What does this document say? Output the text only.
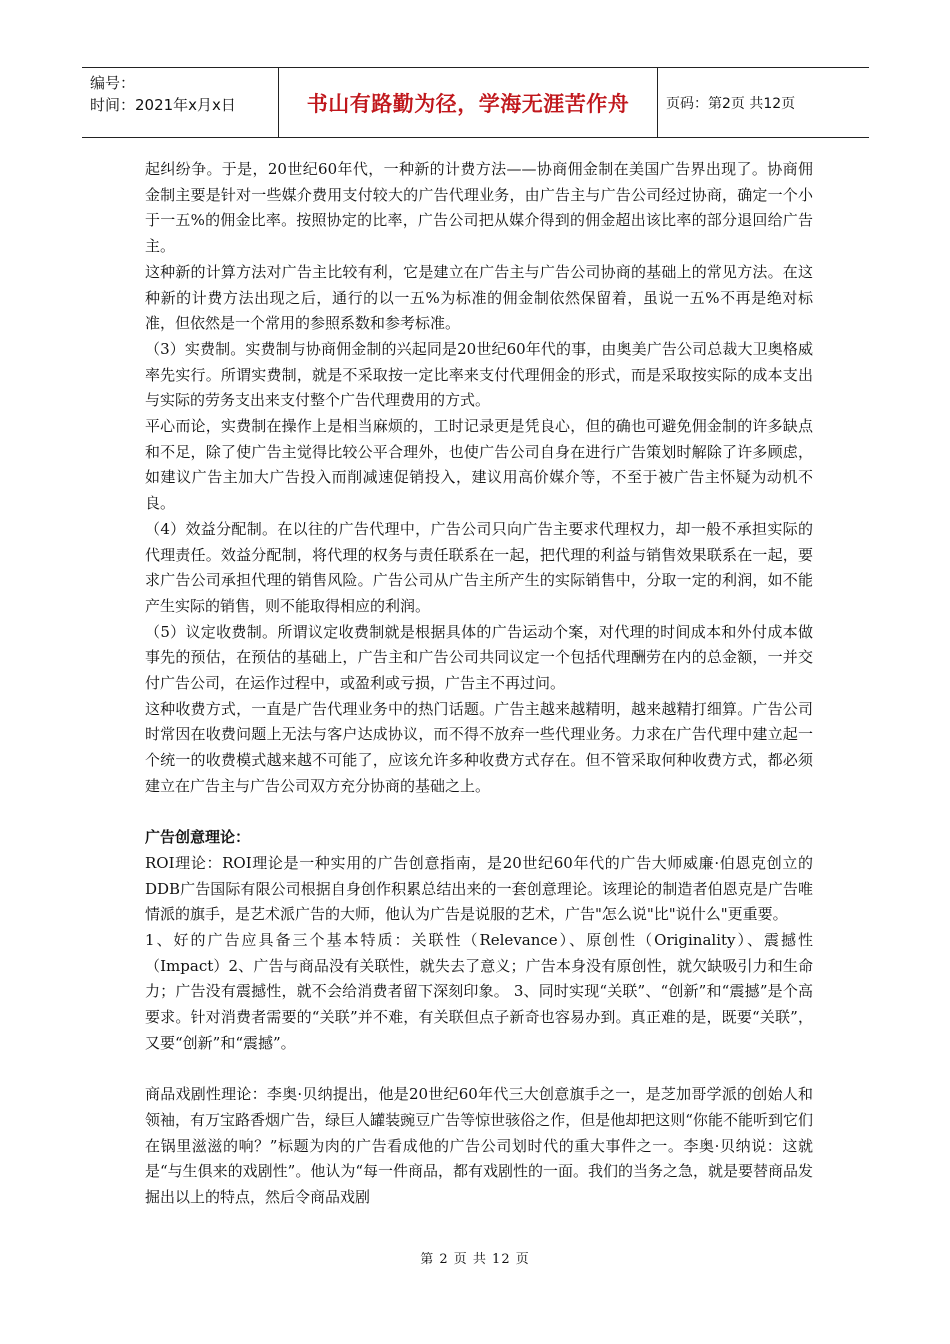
编号：
时间：2021年x月x日	书山有路勤为径，学海无涯苦作舟	页码：第2页 共12页

起纠纷争。于是，20世纪60年代，一种新的计费方法——协商佣金制在美国广告界出现了。协商佣金制主要是针对一些媒介费用支付较大的广告代理业务，由广告主与广告公司经过协商，确定一个小于一五%的佣金比率。按照协定的比率，广告公司把从媒介得到的佣金超出该比率的部分退回给广告主。

这种新的计算方法对广告主比较有利，它是建立在广告主与广告公司协商的基础上的常见方法。在这种新的计费方法出现之后，通行的以一五%为标准的佣金制依然保留着，虽说一五%不再是绝对标准，但依然是一个常用的参照系数和参考标准。

（3）实费制。实费制与协商佣金制的兴起同是20世纪60年代的事，由奥美广告公司总裁大卫奥格威率先实行。所谓实费制，就是不采取按一定比率来支付代理佣金的形式，而是采取按实际的成本支出与实际的劳务支出来支付整个广告代理费用的方式。

平心而论，实费制在操作上是相当麻烦的，工时记录更是凭良心，但的确也可避免佣金制的许多缺点和不足，除了使广告主觉得比较公平合理外，也使广告公司自身在进行广告策划时解除了许多顾虑，如建议广告主加大广告投入而削减速促销投入，建议用高价媒介等，不至于被广告主怀疑为动机不良。

（4）效益分配制。在以往的广告代理中，广告公司只向广告主要求代理权力，却一般不承担实际的代理责任。效益分配制，将代理的权务与责任联系在一起，把代理的利益与销售效果联系在一起，要求广告公司承担代理的销售风险。广告公司从广告主所产生的实际销售中，分取一定的利润，如不能产生实际的销售，则不能取得相应的利润。

（5）议定收费制。所谓议定收费制就是根据具体的广告运动个案，对代理的时间成本和外付成本做事先的预估，在预估的基础上，广告主和广告公司共同议定一个包括代理酬劳在内的总金额，一并交付广告公司，在运作过程中，或盈利或亏损，广告主不再过问。

这种收费方式，一直是广告代理业务中的热门话题。广告主越来越精明，越来越精打细算。广告公司时常因在收费问题上无法与客户达成协议，而不得不放弃一些代理业务。力求在广告代理中建立起一个统一的收费模式越来越不可能了，应该允许多种收费方式存在。但不管采取何种收费方式，都必须建立在广告主与广告公司双方充分协商的基础之上。

广告创意理论：

ROI理论：ROI理论是一种实用的广告创意指南，是20世纪60年代的广告大师威廉·伯恩克创立的DDB广告国际有限公司根据自身创作积累总结出来的一套创意理论。该理论的制造者伯恩克是广告唯情派的旗手，是艺术派广告的大师，他认为广告是说服的艺术，广告"怎么说"比"说什么"更重要。

1、好的广告应具备三个基本特质：关联性（Relevance）、原创性（Originality）、震撼性（Impact）2、广告与商品没有关联性，就失去了意义；广告本身没有原创性，就欠缺吸引力和生命力；广告没有震撼性，就不会给消费者留下深刻印象。 3、同时实现“关联”、“创新”和“震撼”是个高要求。针对消费者需要的“关联”并不难，有关联但点子新奇也容易办到。真正难的是，既要“关联”，又要“创新”和“震撼”。

商品戏剧性理论：李奥·贝纳提出，他是20世纪60年代三大创意旗手之一，是芝加哥学派的创始人和领袖，有万宝路香烟广告，绿巨人罐装豌豆广告等惊世骇俗之作，但是他却把这则“你能不能听到它们在锅里滋滋的响？”标题为肉的广告看成他的广告公司划时代的重大事件之一。李奥·贝纳说：这就是“与生俱来的戏剧性”。他认为“每一件商品，都有戏剧性的一面。我们的当务之急，就是要替商品发掘出以上的特点，然后令商品戏剧

第 2 页 共 12 页
